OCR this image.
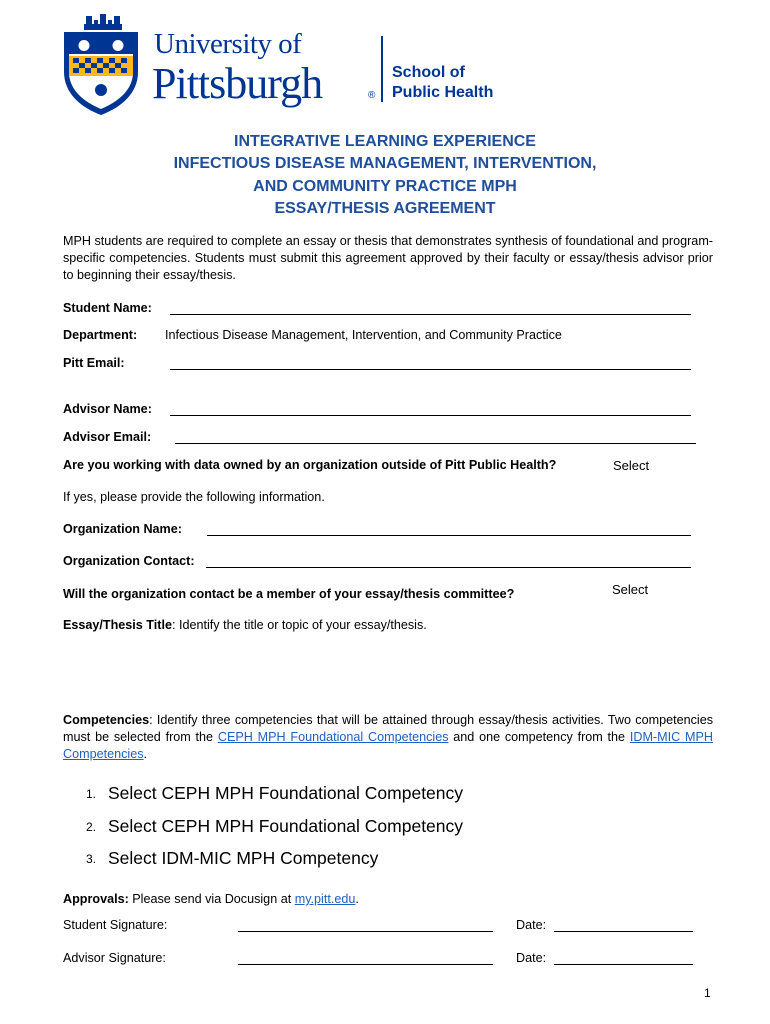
University of
Pittsburgh	®
School of
Public Health
INTEGRATIVE LEARNING EXPERIENCE
INFECTIOUS DISEASE MANAGEMENT, INTERVENTION,
AND COMMUNITY PRACTICE MPH
ESSAY/THESIS AGREEMENT
MPH students are required to complete an essay or thesis that demonstrates synthesis of foundational and program-specific competencies. Students must submit this agreement approved by their faculty or essay/thesis advisor prior to beginning their essay/thesis.
Student Name:
Department: Infectious Disease Management, Intervention, and Community Practice
Pitt Email:
Advisor Name:
Advisor Email:
Are you working with data owned by an organization outside of Pitt Public Health?	Select
If yes, please provide the following information.
Organization Name:
Organization Contact:
Will the organization contact be a member of your essay/thesis committee?	Select
Essay/Thesis Title: Identify the title or topic of your essay/thesis.
Competencies: Identify three competencies that will be attained through essay/thesis activities. Two competencies must be selected from the CEPH MPH Foundational Competencies and one competency from the IDM-MIC MPH Competencies.
1. Select CEPH MPH Foundational Competency
2. Select CEPH MPH Foundational Competency
3. Select IDM-MIC MPH Competency
Approvals: Please send via Docusign at my.pitt.edu.
Student Signature:	Date:
Advisor Signature:	Date:
1
